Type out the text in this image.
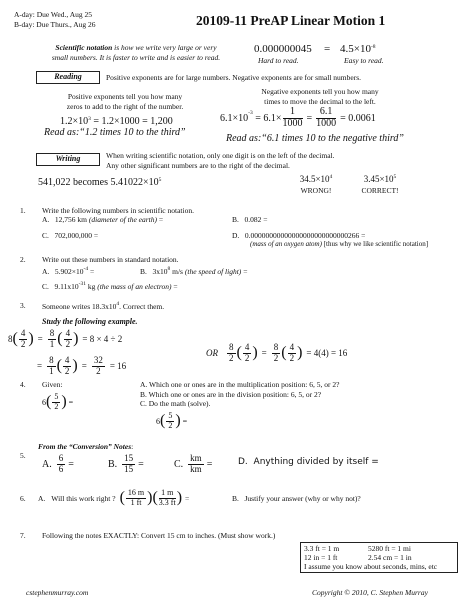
A-day: Due Wed., Aug 25
B-day: Due Thurs., Aug 26	20109-11 PreAP Linear Motion 1
Scientific notation is how we write very large or very
small numbers. It is faster to write and is easier to read.
$0.000000045 = 4.5\times 10^{-8}$
Hard to read.	Easy to read.
Reading	Positive exponents are for large numbers. Negative exponents are for small numbers.
Positive exponents tell you how many
zeros to add to the right of the number.
$1.2\times 10^3 = 1.2\times 1000 = 1,200$
Read as:“1.2 times 10 to the third”
Negative exponents tell you how many
times to move the decimal to the left.
6.1×10 $-3 = 6.1\times \frac{1}{1000} = \frac{6.1}{1000} = 0.0061$
Read as:“6.1 times 10 to the negative third”
Writing	When writing scientific notation, only one digit is on the left of the decimal.
Any other significant numbers are to the right of the decimal.
541,022 becomes $5.41022\times 10^5$	$34.5\times 10^4$
WRONG!
$3.45\times 10^5$
CORRECT!
1. Write the following numbers in scientific notation.
A. 12,756 km (diameter of the earth) =	B. 0.082 =
C. 702,000,000 =	D. 0.00000000000000000000000000266 =
(mass of an oxygen atom) [thus why we like scientific notation]
2. Write out these numbers in standard notation.
A. $5.902\times 10^{-4}$ =	B. $3x10^8$ m/s (the speed of light) =
C. $9.11x10^{-31}$ kg (the mass of an electron) =
3. Someone writes $18.3x10^4$. Correct them.
Study the following example.
8 ( $\frac{4}{2}$ ) = $\frac{8}{1}$ ( $\frac{4}{2}$ ) = 8 × 4 ÷ 2
= $\frac{8}{1}$ ( $\frac{4}{2}$ ) = $\frac{32}{2} = 16$
OR $\frac{8}{2}$ ( $\frac{4}{2}$ ) = $\frac{8}{2}$ ( $\frac{4}{2}$ ) = 4(4) = 16
4. Given:
6 ( $\frac{5}{2}$ ) =
A. Which one or ones are in the multiplication position: 6, 5, or 2?
B. Which one or ones are in the division position: 6, 5, or 2?
C. Do the math (solve).
6 ( $\frac{5}{2}$ ) =
From the “Conversion” Notes:
5.
A. $\frac{6}{6}$ =	B. $\frac{15}{15}$ =	C. $\frac{km}{km}$ =	D. Anything divided by itself =
6. A. Will this work right ? ( $\frac{16 m}{1 ft}$ ) ( $\frac{1 m}{3.3 ft}$ ) =	B. Justify your answer (why or why not)?
7. Following the notes EXACTLY: Convert 15 cm to inches. (Must show work.)
3.3 ft = 1 m	5280 ft = 1 mi
12 in = 1 ft	2.54 cm = 1 in
I assume you know about seconds, mins, etc
cstephenmurray.com	Copyright © 2010, C. Stephen Murray
